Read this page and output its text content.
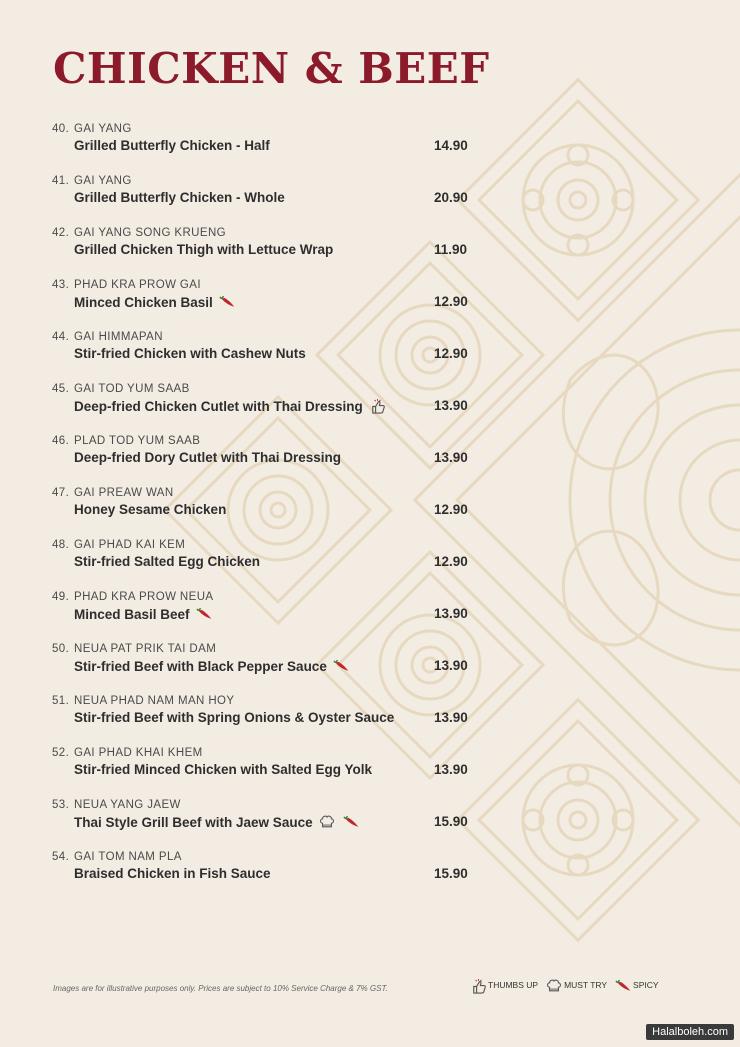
CHICKEN & BEEF
40. GAI YANG
Grilled Butterfly Chicken - Half	14.90
41. GAI YANG
Grilled Butterfly Chicken - Whole	20.90
42. GAI YANG SONG KRUENG
Grilled Chicken Thigh with Lettuce Wrap	11.90
43. PHAD KRA PROW GAI
Minced Chicken Basil	12.90
44. GAI HIMMAPAN
Stir-fried Chicken with Cashew Nuts	12.90
45. GAI TOD YUM SAAB
Deep-fried Chicken Cutlet with Thai Dressing	13.90
46. PLAD TOD YUM SAAB
Deep-fried Dory Cutlet with Thai Dressing	13.90
47. GAI PREAW WAN
Honey Sesame Chicken	12.90
48. GAI PHAD KAI KEM
Stir-fried Salted Egg Chicken	12.90
49. PHAD KRA PROW NEUA
Minced Basil Beef	13.90
50. NEUA PAT PRIK TAI DAM
Stir-fried Beef with Black Pepper Sauce	13.90
51. NEUA PHAD NAM MAN HOY
Stir-fried Beef with Spring Onions & Oyster Sauce	13.90
52. GAI PHAD KHAI KHEM
Stir-fried Minced Chicken with Salted Egg Yolk	13.90
53. NEUA YANG JAEW
Thai Style Grill Beef with Jaew Sauce	15.90
54. GAI TOM NAM PLA
Braised Chicken in Fish Sauce	15.90
Images are for illustrative purposes only. Prices are subject to 10% Service Charge & 7% GST.	THUMBS UP	MUST TRY	SPICY
Halalboleh.com
